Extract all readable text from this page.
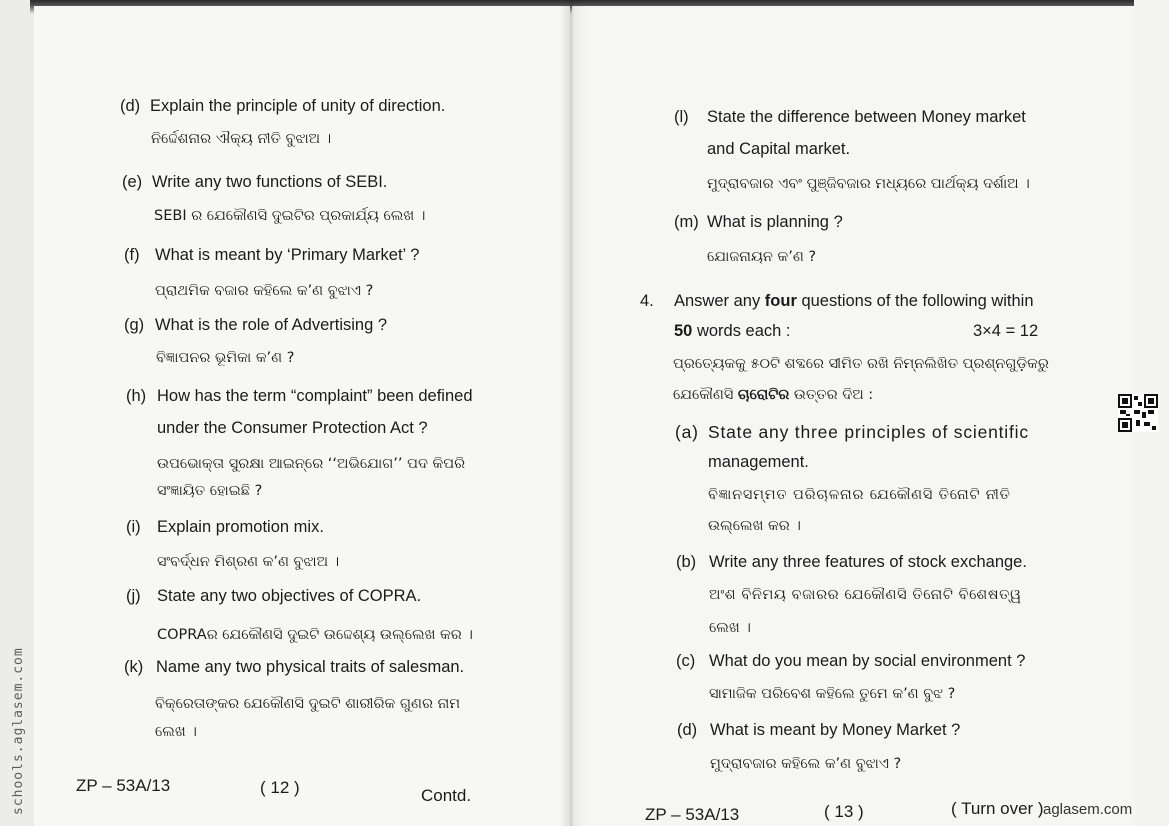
schools.aglasem.com
(d) Explain the principle of unity of direction.
ନିର୍ଦ୍ଦେଶନାର ଐକ୍ୟ ନୀତି ବୁଝାଅ ।
(e) Write any two functions of SEBI.
SEBI ର ଯେକୌଣସି ଦୁଇଟିର ପ୍ରକାର୍ଯ୍ୟ ଲେଖ ।
(f) What is meant by ‘Primary Market’ ?
ପ୍ରାଥମିକ ବଜାର କହିଲେ କ’ଣ ବୁଝାଏ ?
(g) What is the role of Advertising ?
ବିଜ୍ଞାପନର ଭୂମିକା କ’ଣ ?
(h) How has the term “complaint” been defined
under the Consumer Protection Act ?
ଉପଭୋକ୍ତା ସୁରକ୍ଷା ଆଇନ୍‌ରେ ‘‘ଅଭିଯୋଗ’’ ପଦ କିପରି
ସଂଜ୍ଞାୟିତ ହୋଇଛି ?
(i) Explain promotion mix.
ସଂବର୍ଦ୍ଧନ ମିଶ୍ରଣ କ’ଣ ବୁଝାଅ ।
(j) State any two objectives of COPRA.
COPRAର ଯେକୌଣସି ଦୁଇଟି ଉଦ୍ଦେଶ୍ୟ ଉଲ୍ଲେଖ କର ।
(k) Name any two physical traits of salesman.
ବିକ୍ରେତାଙ୍କର ଯେକୌଣସି ଦୁଇଟି ଶାରୀରିକ ଗୁଣର ନାମ
ଲେଖ ।
ZP – 53A/13	( 12 )	Contd.
(l) State the difference between Money market
and Capital market.
ମୁଦ୍ରାବଜାର ଏବଂ ପୁଞ୍ଜିବଜାର ମଧ୍ୟରେ ପାର୍ଥକ୍ୟ ଦର୍ଶାଅ ।
(m) What is planning ?
ଯୋଜନାୟନ କ’ଣ ?
4. Answer any four questions of the following within
50 words each :	3×4 = 12
ପ୍ରତ୍ୟେକକୁ ୫୦ଟି ଶବ୍ଦରେ ସୀମିତ ରଖି ନିମ୍ନଲିଖିତ ପ୍ରଶ୍ନଗୁଡ଼ିକରୁ
ଯେକୌଣସି ଚାରୋଟିର ଉତ୍ତର ଦିଅ :
(a) State any three principles of scientific
management.
ବିଜ୍ଞାନସମ୍ମତ ପରିଚାଳନାର ଯେକୌଣସି ତିନୋଟି ନୀତି
ଉଲ୍ଲେଖ କର ।
(b) Write any three features of stock exchange.
ଅଂଶ ବିନିମୟ ବଜାରର ଯେକୌଣସି ତିନୋଟି ବିଶେଷତ୍ୱ
ଲେଖ ।
(c) What do you mean by social environment ?
ସାମାଜିକ ପରିବେଶ କହିଲେ ତୁମେ କ’ଣ ବୁଝ ?
(d) What is meant by Money Market ?
ମୁଦ୍ରାବଜାର କହିଲେ କ’ଣ ବୁଝାଏ ?
ZP – 53A/13	( 13 )	( Turn over ) aglasem.com
